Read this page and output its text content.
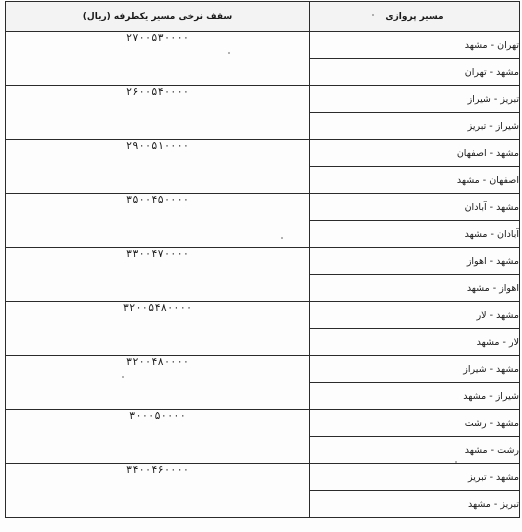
مسیر پروازی	سقف نرخی مسیر یکطرفه (ریال)
تهران - مشهد	۲۷۰۰۵۳۰۰۰۰
مشهد - تهران	
تبریز - شیراز	۲۶۰۰۵۴۰۰۰۰
شیراز - تبریز	
مشهد - اصفهان	۲۹۰۰۵۱۰۰۰۰
اصفهان - مشهد	
مشهد - آبادان	۳۵۰۰۴۵۰۰۰۰
آبادان - مشهد	
مشهد - اهواز	۳۳۰۰۴۷۰۰۰۰
اهواز - مشهد	
مشهد - لار	۳۲۰۰۵۴۸۰۰۰۰
لار - مشهد	
مشهد - شیراز	۳۲۰۰۴۸۰۰۰۰
شیراز - مشهد	
مشهد - رشت	۳۰۰۰۵۰۰۰۰
رشت - مشهد	
مشهد - تبریز	۳۴۰۰۴۶۰۰۰۰
تبریز - مشهد	
